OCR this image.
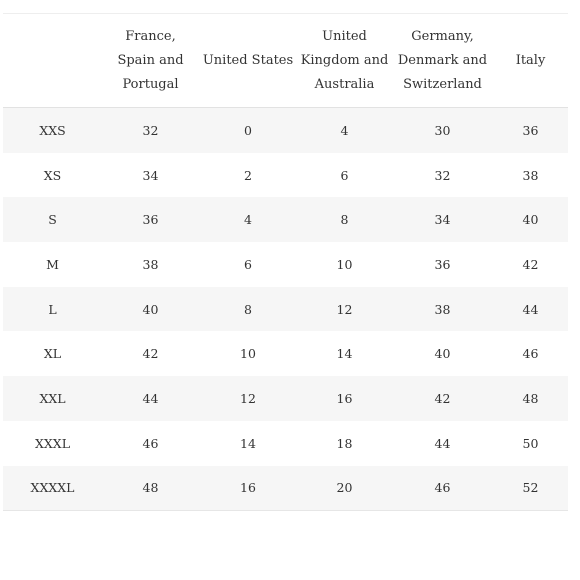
	France, Spain and Portugal	United States	United Kingdom and Australia	Germany, Denmark and Switzerland	Italy
XXS	32	0	4	30	36
XS	34	2	6	32	38
S	36	4	8	34	40
M	38	6	10	36	42
L	40	8	12	38	44
XL	42	10	14	40	46
XXL	44	12	16	42	48
XXXL	46	14	18	44	50
XXXXL	48	16	20	46	52
